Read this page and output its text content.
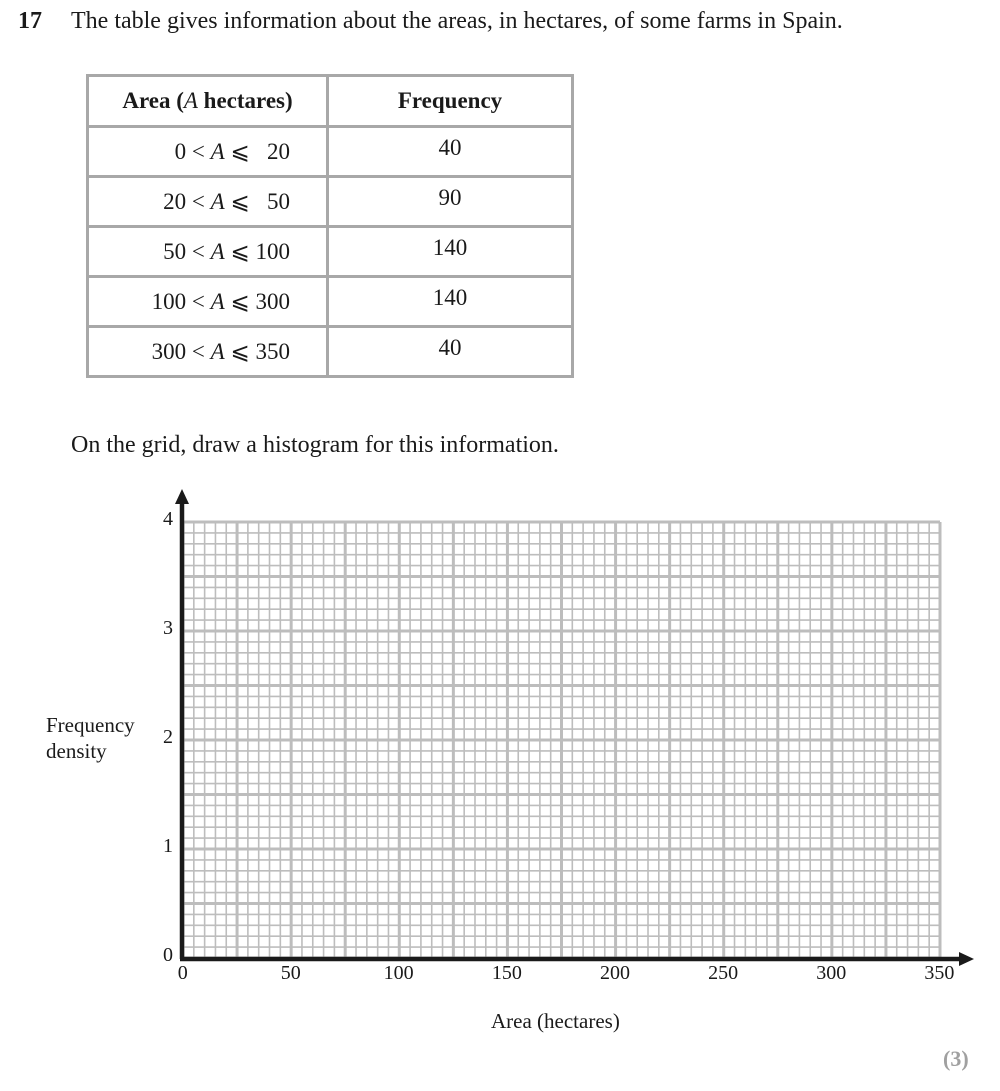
17 The table gives information about the areas, in hectares, of some farms in Spain.
Area (A hectares)	Frequency
0 < A ⩽   20	40
20 < A ⩽   50	90
50 < A ⩽ 100	140
100 < A ⩽ 300	140
300 < A ⩽ 350	40
On the grid, draw a histogram for this information.
Frequency
density
0
1
2
3
4
0	50	100	150	200	250	300	350
Area (hectares)
(3)
